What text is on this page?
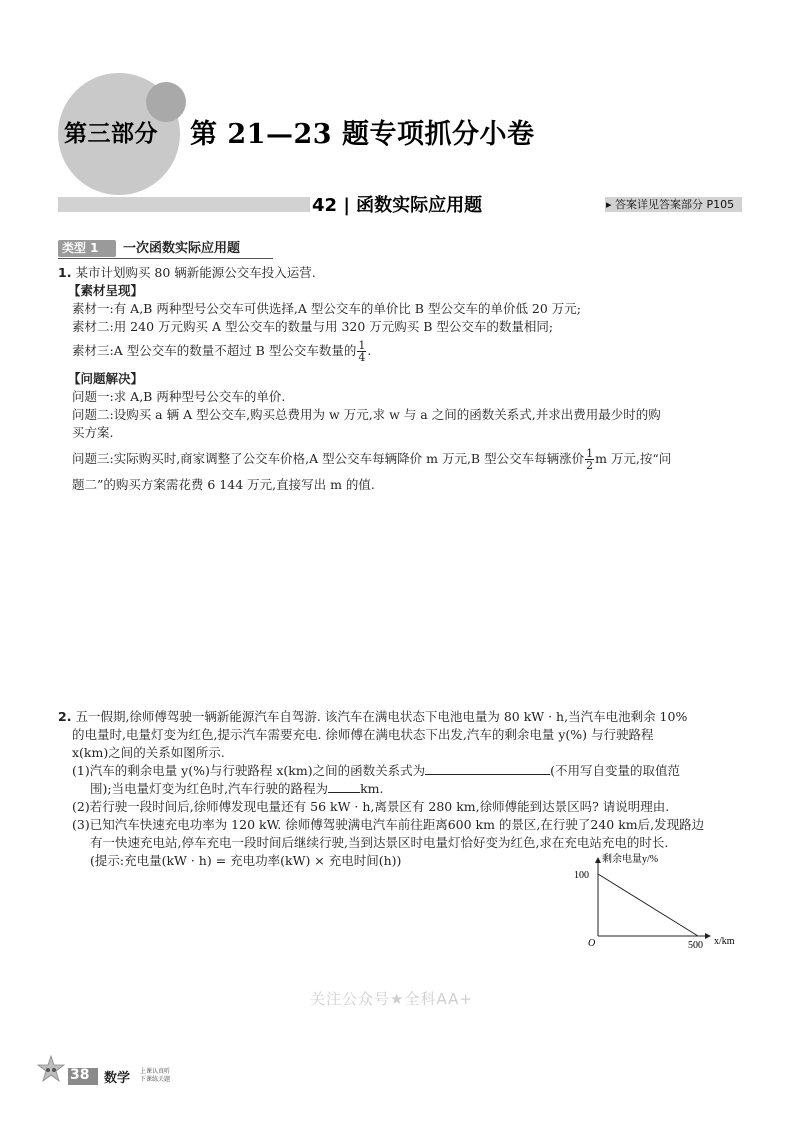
第三部分 第 21—23 题专项抓分小卷
42 | 函数实际应用题	▸ 答案详见答案部分 P105
类型 1 一次函数实际应用题
1. 某市计划购买 80 辆新能源公交车投入运营.
【素材呈现】
素材一:有 A,B 两种型号公交车可供选择,A 型公交车的单价比 B 型公交车的单价低 20 万元;
素材二:用 240 万元购买 A 型公交车的数量与用 320 万元购买 B 型公交车的数量相同;
素材三:A 型公交车的数量不超过 B 型公交车数量的 $\frac{1}{4}$ .
【问题解决】
问题一:求 A,B 两种型号公交车的单价.
问题二:设购买 a 辆 A 型公交车,购买总费用为 w 万元,求 w 与 a 之间的函数关系式,并求出费用最少时的购
买方案.
问题三:实际购买时,商家调整了公交车价格,A 型公交车每辆降价 m 万元,B 型公交车每辆涨价 $\frac{1}{2}$ m 万元,按“问
题二”的购买方案需花费 6 144 万元,直接写出 m 的值.
2. 五一假期,徐师傅驾驶一辆新能源汽车自驾游. 该汽车在满电状态下电池电量为 80 kW · h,当汽车电池剩余 10%
的电量时,电量灯变为红色,提示汽车需要充电. 徐师傅在满电状态下出发,汽车的剩余电量 y(%) 与行驶路程
x(km)之间的关系如图所示.
(1)汽车的剩余电量 y(%)与行驶路程 x(km)之间的函数关系式为	(不用写自变量的取值范
围);当电量灯变为红色时,汽车行驶的路程为	km.
(2)若行驶一段时间后,徐师傅发现电量还有 56 kW · h,离景区有 280 km,徐师傅能到达景区吗? 请说明理由.
(3)已知汽车快速充电功率为 120 kW. 徐师傅驾驶满电汽车前往距离600 km 的景区,在行驶了240 km后,发现路边
有一快速充电站,停车充电一段时间后继续行驶,当到达景区时电量灯恰好变为红色,求在充电站充电的时长.
(提示:充电量(kW · h) = 充电功率(kW) × 充电时间(h))	剩余电量y/%
100
O	500 x/km
关注公众号★全科AA+
38 数学 上课认真听
下课练关题
